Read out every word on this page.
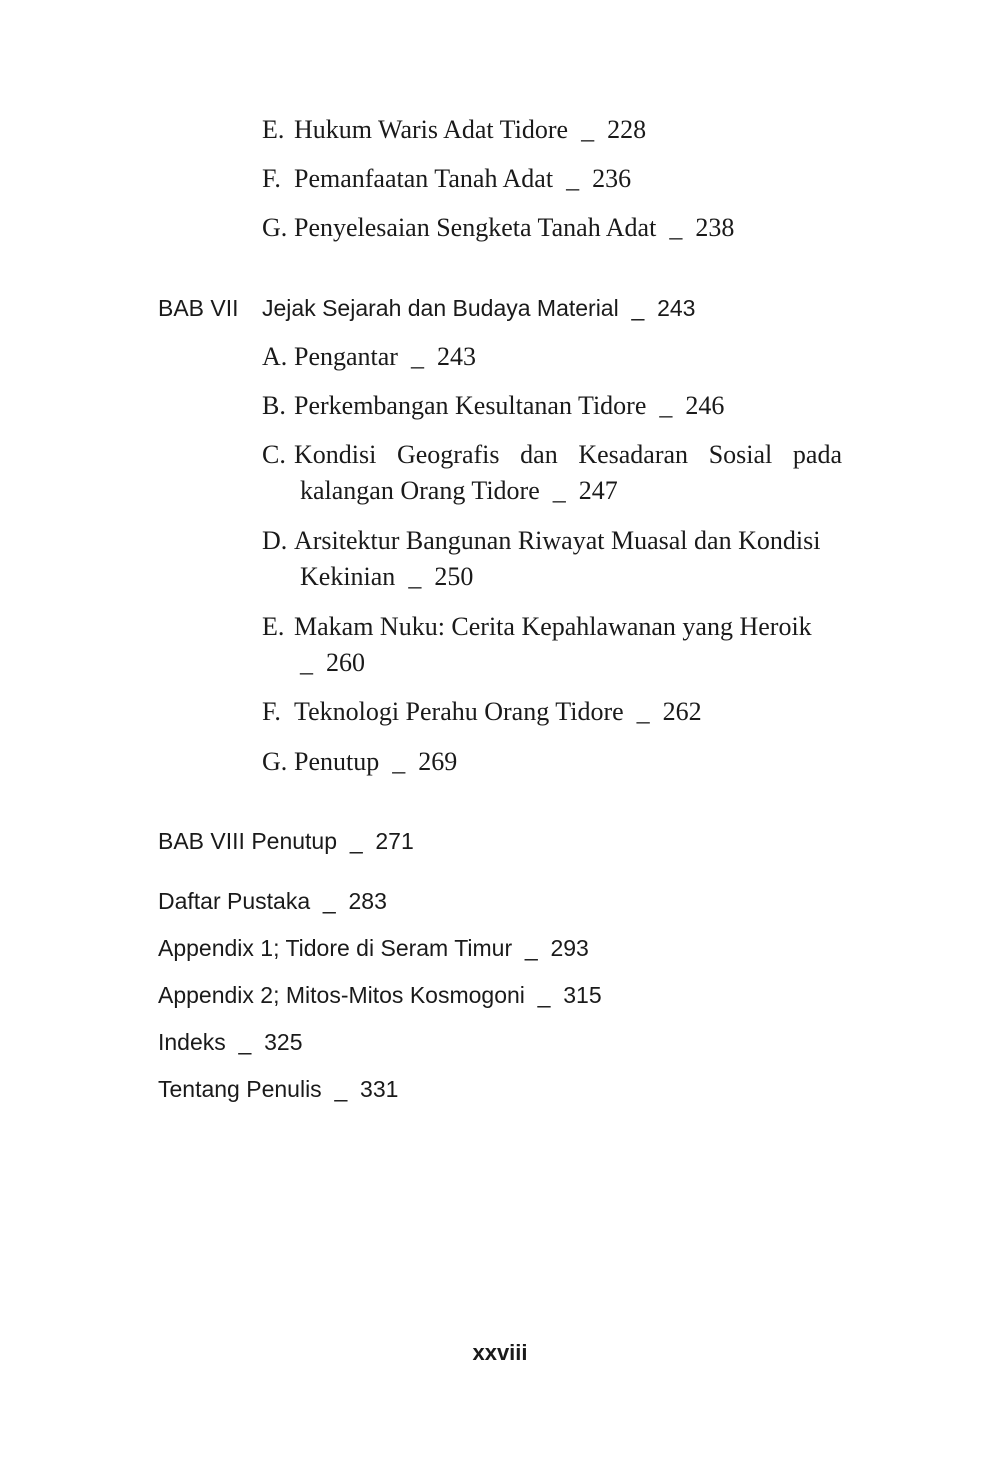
E. Hukum Waris Adat Tidore _ 228
F. Pemanfaatan Tanah Adat _ 236
G. Penyelesaian Sengketa Tanah Adat _ 238
BAB VII Jejak Sejarah dan Budaya Material _ 243
A. Pengantar _ 243
B. Perkembangan Kesultanan Tidore _ 246
C. Kondisi Geografis dan Kesadaran Sosial pada
kalangan Orang Tidore _ 247
D. Arsitektur Bangunan Riwayat Muasal dan Kondisi
Kekinian _ 250
E. Makam Nuku: Cerita Kepahlawanan yang Heroik
_ 260
F. Teknologi Perahu Orang Tidore _ 262
G. Penutup _ 269
BAB VIII Penutup _ 271
Daftar Pustaka _ 283
Appendix 1; Tidore di Seram Timur _ 293
Appendix 2; Mitos-Mitos Kosmogoni _ 315
Indeks _ 325
Tentang Penulis _ 331
xxviii
